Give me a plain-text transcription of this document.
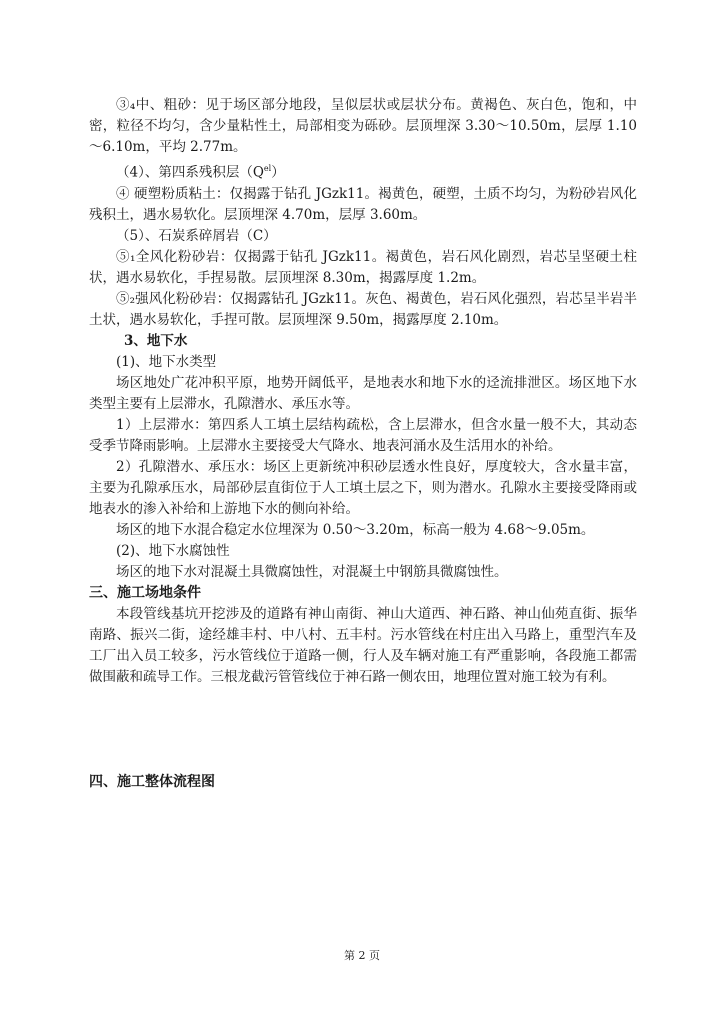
③₄中、粗砂：见于场区部分地段，呈似层状或层状分布。黄褐色、灰白色，饱和，中密，粒径不均匀，含少量粘性土，局部相变为砾砂。层顶埋深 3.30～10.50m，层厚 1.10～6.10m，平均 2.77m。

（4）、第四系残积层$(Q^{el})$

④ 硬塑粉质粘土：仅揭露于钻孔 JGzk11。褐黄色，硬塑，土质不均匀，为粉砂岩风化残积土，遇水易软化。层顶埋深 4.70m，层厚 3.60m。

（5）、石炭系碎屑岩（C）

⑤₁全风化粉砂岩：仅揭露于钻孔 JGzk11。褐黄色，岩石风化剧烈，岩芯呈坚硬土柱状，遇水易软化，手捏易散。层顶埋深 8.30m，揭露厚度 1.2m。

⑤₂强风化粉砂岩：仅揭露钻孔 JGzk11。灰色、褐黄色，岩石风化强烈，岩芯呈半岩半土状，遇水易软化，手捏可散。层顶埋深 9.50m，揭露厚度 2.10m。

3、地下水

(1)、地下水类型

场区地处广花冲积平原，地势开阔低平，是地表水和地下水的迳流排泄区。场区地下水类型主要有上层滞水，孔隙潜水、承压水等。

1）上层滞水：第四系人工填土层结构疏松，含上层滞水，但含水量一般不大，其动态受季节降雨影响。上层滞水主要接受大气降水、地表河涌水及生活用水的补给。

2）孔隙潜水、承压水：场区上更新统冲积砂层透水性良好，厚度较大，含水量丰富，主要为孔隙承压水，局部砂层直街位于人工填土层之下，则为潜水。孔隙水主要接受降雨或地表水的渗入补给和上游地下水的侧向补给。

场区的地下水混合稳定水位埋深为 0.50～3.20m，标高一般为 4.68～9.05m。

(2)、地下水腐蚀性

场区的地下水对混凝土具微腐蚀性，对混凝土中钢筋具微腐蚀性。

三、施工场地条件

本段管线基坑开挖涉及的道路有神山南街、神山大道西、神石路、神山仙苑直街、振华南路、振兴二街，途经雄丰村、中八村、五丰村。污水管线在村庄出入马路上，重型汽车及工厂出入员工较多，污水管线位于道路一侧，行人及车辆对施工有严重影响，各段施工都需做围蔽和疏导工作。三根龙截污管管线位于神石路一侧农田，地理位置对施工较为有利。

四、施工整体流程图

第 2 页
